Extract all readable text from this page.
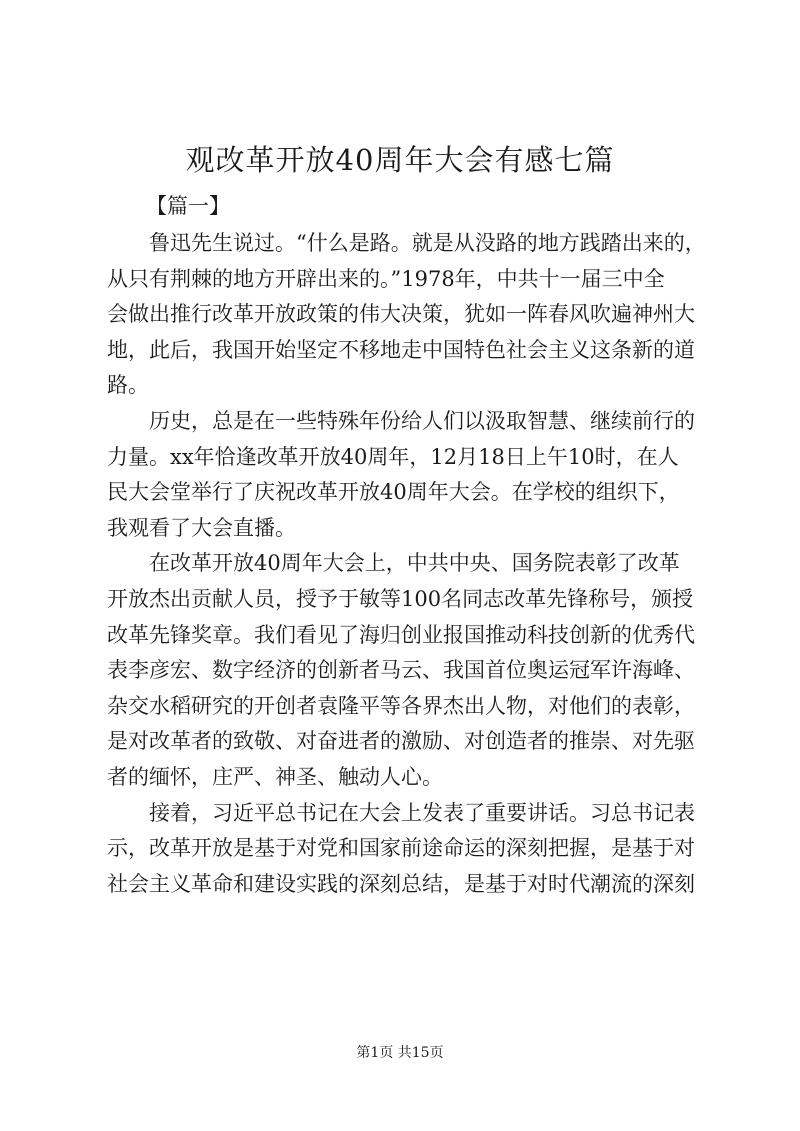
观改革开放40周年大会有感七篇
【篇一】
鲁迅先生说过。“什么是路。就是从没路的地方践踏出来的，
从只有荆棘的地方开辟出来的。”1978年，中共十一届三中全
会做出推行改革开放政策的伟大决策，犹如一阵春风吹遍神州大
地，此后，我国开始坚定不移地走中国特色社会主义这条新的道
路。
历史，总是在一些特殊年份给人们以汲取智慧、继续前行的
力量。xx年恰逢改革开放40周年，12月18日上午10时，在人
民大会堂举行了庆祝改革开放40周年大会。在学校的组织下，
我观看了大会直播。
在改革开放40周年大会上，中共中央、国务院表彰了改革
开放杰出贡献人员，授予于敏等100名同志改革先锋称号，颁授
改革先锋奖章。我们看见了海归创业报国推动科技创新的优秀代
表李彦宏、数字经济的创新者马云、我国首位奥运冠军许海峰、
杂交水稻研究的开创者袁隆平等各界杰出人物，对他们的表彰，
是对改革者的致敬、对奋进者的激励、对创造者的推崇、对先驱
者的缅怀，庄严、神圣、触动人心。
接着，习近平总书记在大会上发表了重要讲话。习总书记表
示，改革开放是基于对党和国家前途命运的深刻把握，是基于对
社会主义革命和建设实践的深刻总结，是基于对时代潮流的深刻
第1页 共15页
